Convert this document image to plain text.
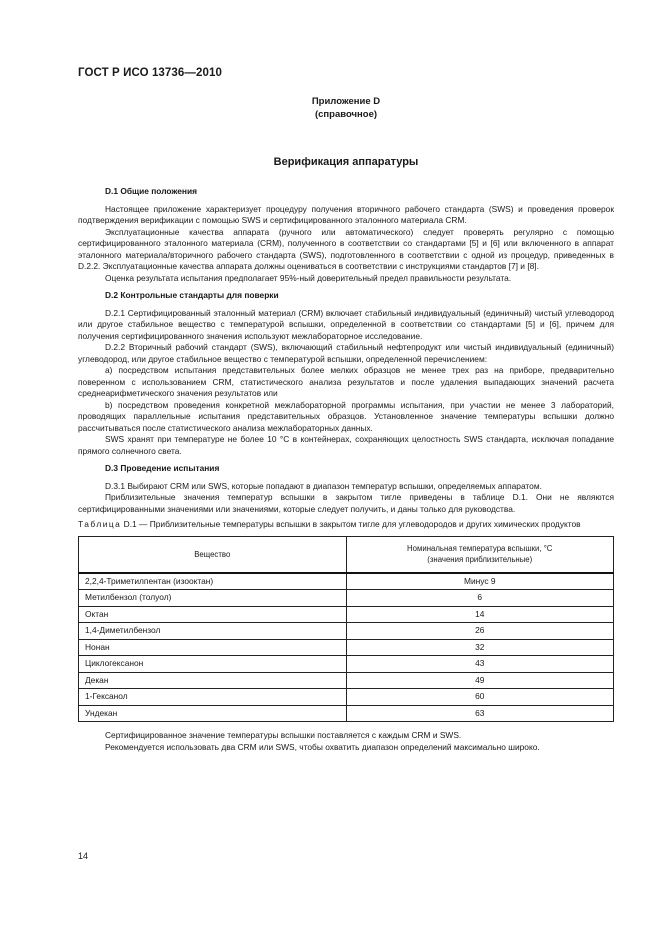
ГОСТ Р ИСО 13736—2010
Приложение D
(справочное)
Верификация аппаратуры
D.1 Общие положения

Настоящее приложение характеризует процедуру получения вторичного рабочего стандарта (SWS) и проведения проверок подтверждения верификации с помощью SWS и сертифицированного эталонного материала CRM.

Эксплуатационные качества аппарата (ручного или автоматического) следует проверять регулярно с помощью сертифицированного эталонного материала (CRM), полученного в соответствии со стандартами [5] и [6] или включенного в аппарат эталонного материала/вторичного рабочего стандарта (SWS), подготовленного в соответствии с одной из процедур, приведенных в D.2.2. Эксплуатационные качества аппарата должны оцениваться в соответствии с инструкциями стандартов [7] и [8].

Оценка результата испытания предполагает 95%-ный доверительный предел правильности результата.

D.2 Контрольные стандарты для поверки

D.2.1 Сертифицированный эталонный материал (CRM) включает стабильный индивидуальный (единичный) чистый углеводород или другое стабильное вещество с температурой вспышки, определенной в соответствии со стандартами [5] и [6], причем для получения сертифицированного значения используют межлабораторное исследование.

D.2.2 Вторичный рабочий стандарт (SWS), включающий стабильный нефтепродукт или чистый индивидуальный (единичный) углеводород, или другое стабильное вещество с температурой вспышки, определенной перечислением:

а) посредством испытания представительных более мелких образцов не менее трех раз на приборе, предварительно поверенном с использованием CRM, статистического анализа результатов и после удаления выпадающих значений расчета среднеарифметического значения результатов или

b) посредством проведения конкретной межлабораторной программы испытания, при участии не менее 3 лабораторий, проводящих параллельные испытания представительных образцов. Установленное значение температуры вспышки должно рассчитываться после статистического анализа межлабораторных данных.

SWS хранят при температуре не более 10 °С в контейнерах, сохраняющих целостность SWS стандарта, исключая попадание прямого солнечного света.

D.3 Проведение испытания

D.3.1 Выбирают CRM или SWS, которые попадают в диапазон температур вспышки, определяемых аппаратом.

Приблизительные значения температур вспышки в закрытом тигле приведены в таблице D.1. Они не являются сертифицированными значениями или значениями, которые следует получить, и даны только для руководства.

Таблица D.1 — Приблизительные температуры вспышки в закрытом тигле для углеводородов и других химических продуктов

Вещество	Номинальная температура вспышки, °С
(значения приблизительные)

2,2,4-Триметилпентан (изооктан)	Минус 9
Метилбензол (толуол)	6
Октан	14
1,4-Диметилбензол	26
Нонан	32
Циклогексанон	43
Декан	49
1-Гексанол	60
Ундекан	63

Сертифицированное значение температуры вспышки поставляется с каждым CRM и SWS.

Рекомендуется использовать два CRM или SWS, чтобы охватить диапазон определений максимально широко.

14
